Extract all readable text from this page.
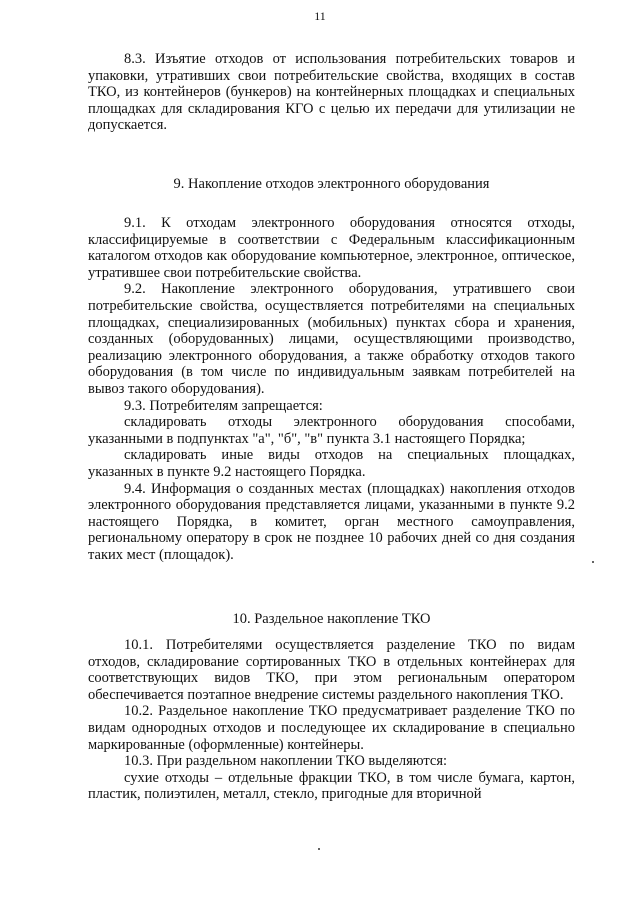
11

8.3. Изъятие отходов от использования потребительских товаров и упаковки, утративших свои потребительские свойства, входящих в состав ТКО, из контейнеров (бункеров) на контейнерных площадках и специальных площадках для складирования КГО с целью их передачи для утилизации не допускается.

9. Накопление отходов электронного оборудования

9.1. К отходам электронного оборудования относятся отходы, классифицируемые в соответствии с Федеральным классификационным каталогом отходов как оборудование компьютерное, электронное, оптическое, утратившее свои потребительские свойства.

9.2. Накопление электронного оборудования, утратившего свои потребительские свойства, осуществляется потребителями на специальных площадках, специализированных (мобильных) пунктах сбора и хранения, созданных (оборудованных) лицами, осуществляющими производство, реализацию электронного оборудования, а также обработку отходов такого оборудования (в том числе по индивидуальным заявкам потребителей на вывоз такого оборудования).

9.3. Потребителям запрещается:

складировать отходы электронного оборудования способами, указанными в подпунктах "а", "б", "в" пункта 3.1 настоящего Порядка;

складировать иные виды отходов на специальных площадках, указанных в пункте 9.2 настоящего Порядка.

9.4. Информация о созданных местах (площадках) накопления отходов электронного оборудования представляется лицами, указанными в пункте 9.2 настоящего Порядка, в комитет, орган местного самоуправления, региональному оператору в срок не позднее 10 рабочих дней со дня создания таких мест (площадок).

10. Раздельное накопление ТКО

10.1. Потребителями осуществляется разделение ТКО по видам отходов, складирование сортированных ТКО в отдельных контейнерах для соответствующих видов ТКО, при этом региональным оператором обеспечивается поэтапное внедрение системы раздельного накопления ТКО.

10.2. Раздельное накопление ТКО предусматривает разделение ТКО по видам однородных отходов и последующее их складирование в специально маркированные (оформленные) контейнеры.

10.3. При раздельном накоплении ТКО выделяются:

сухие отходы – отдельные фракции ТКО, в том числе бумага, картон, пластик, полиэтилен, металл, стекло, пригодные для вторичной
